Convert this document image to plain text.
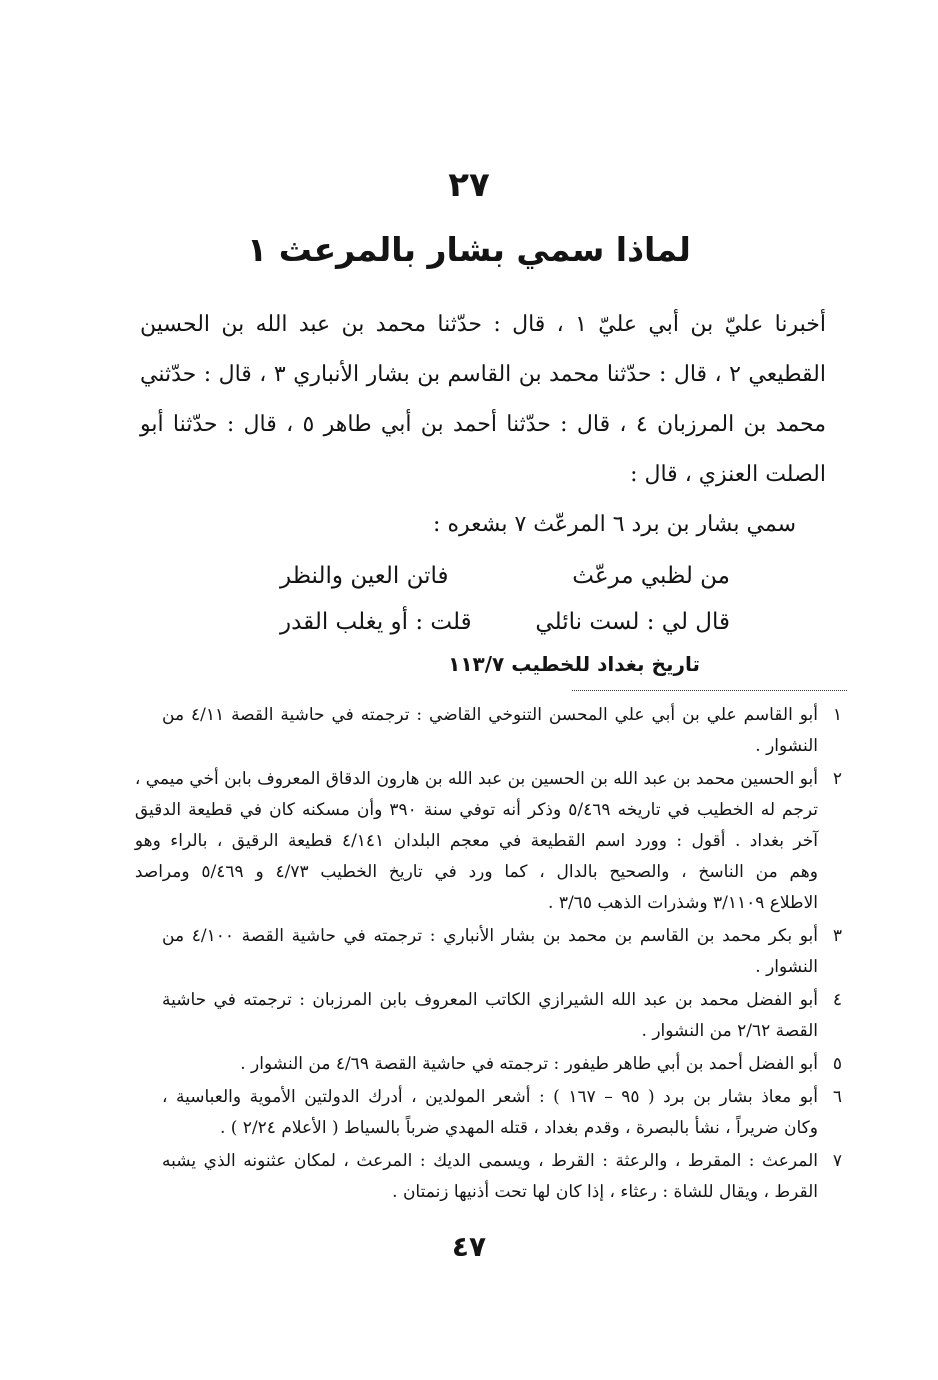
٢٧
لماذا سمي بشار بالمرعث ١
أخبرنا عليّ بن أبي عليّ ١ ، قال : حدّثنا محمد بن عبد الله بن الحسين
القطيعي ٢ ، قال : حدّثنا محمد بن القاسم بن بشار الأنباري ٣ ، قال : حدّثني
محمد بن المرزبان ٤ ، قال : حدّثنا أحمد بن أبي طاهر ٥ ، قال : حدّثنا أبو
الصلت العنزي ، قال :
سمي بشار بن برد ٦ المرعّث ٧ بشعره :
من لظبي مرعّث
فاتن العين والنظر
قال لي : لست نائلي
قلت : أو يغلب القدر
تاريخ بغداد للخطيب ١١٣/٧
١
أبو القاسم علي بن أبي علي المحسن التنوخي القاضي : ترجمته في حاشية القصة ٤/١١ من
النشوار .
٢
أبو الحسين محمد بن عبد الله بن الحسين بن عبد الله بن هارون الدقاق المعروف بابن أخي ميمي ،
ترجم له الخطيب في تاريخه ٥/٤٦٩ وذكر أنه توفي سنة ٣٩٠ وأن مسكنه كان في قطيعة الدقيق
آخر بغداد . أقول : وورد اسم القطيعة في معجم البلدان ٤/١٤١ قطيعة الرقيق ، بالراء وهو
وهم من الناسخ ، والصحيح بالدال ، كما ورد في تاريخ الخطيب ٤/٧٣ و ٥/٤٦٩ ومراصد
الاطلاع ٣/١١٠٩ وشذرات الذهب ٣/٦٥ .
٣
أبو بكر محمد بن القاسم بن محمد بن بشار الأنباري : ترجمته في حاشية القصة ٤/١٠٠ من
النشوار .
٤
أبو الفضل محمد بن عبد الله الشيرازي الكاتب المعروف بابن المرزبان : ترجمته في حاشية
القصة ٢/٦٢ من النشوار .
٥
أبو الفضل أحمد بن أبي طاهر طيفور : ترجمته في حاشية القصة ٤/٦٩ من النشوار .
٦
أبو معاذ بشار بن برد ( ٩٥ – ١٦٧ ) : أشعر المولدين ، أدرك الدولتين الأموية والعباسية ،
وكان ضريراً ، نشأ بالبصرة ، وقدم بغداد ، قتله المهدي ضرباً بالسياط ( الأعلام ٢/٢٤ ) .
٧
المرعث : المقرط ، والرعثة : القرط ، ويسمى الديك : المرعث ، لمكان عثنونه الذي يشبه
القرط ، ويقال للشاة : رعثاء ، إذا كان لها تحت أذنيها زنمتان .
٤٧
